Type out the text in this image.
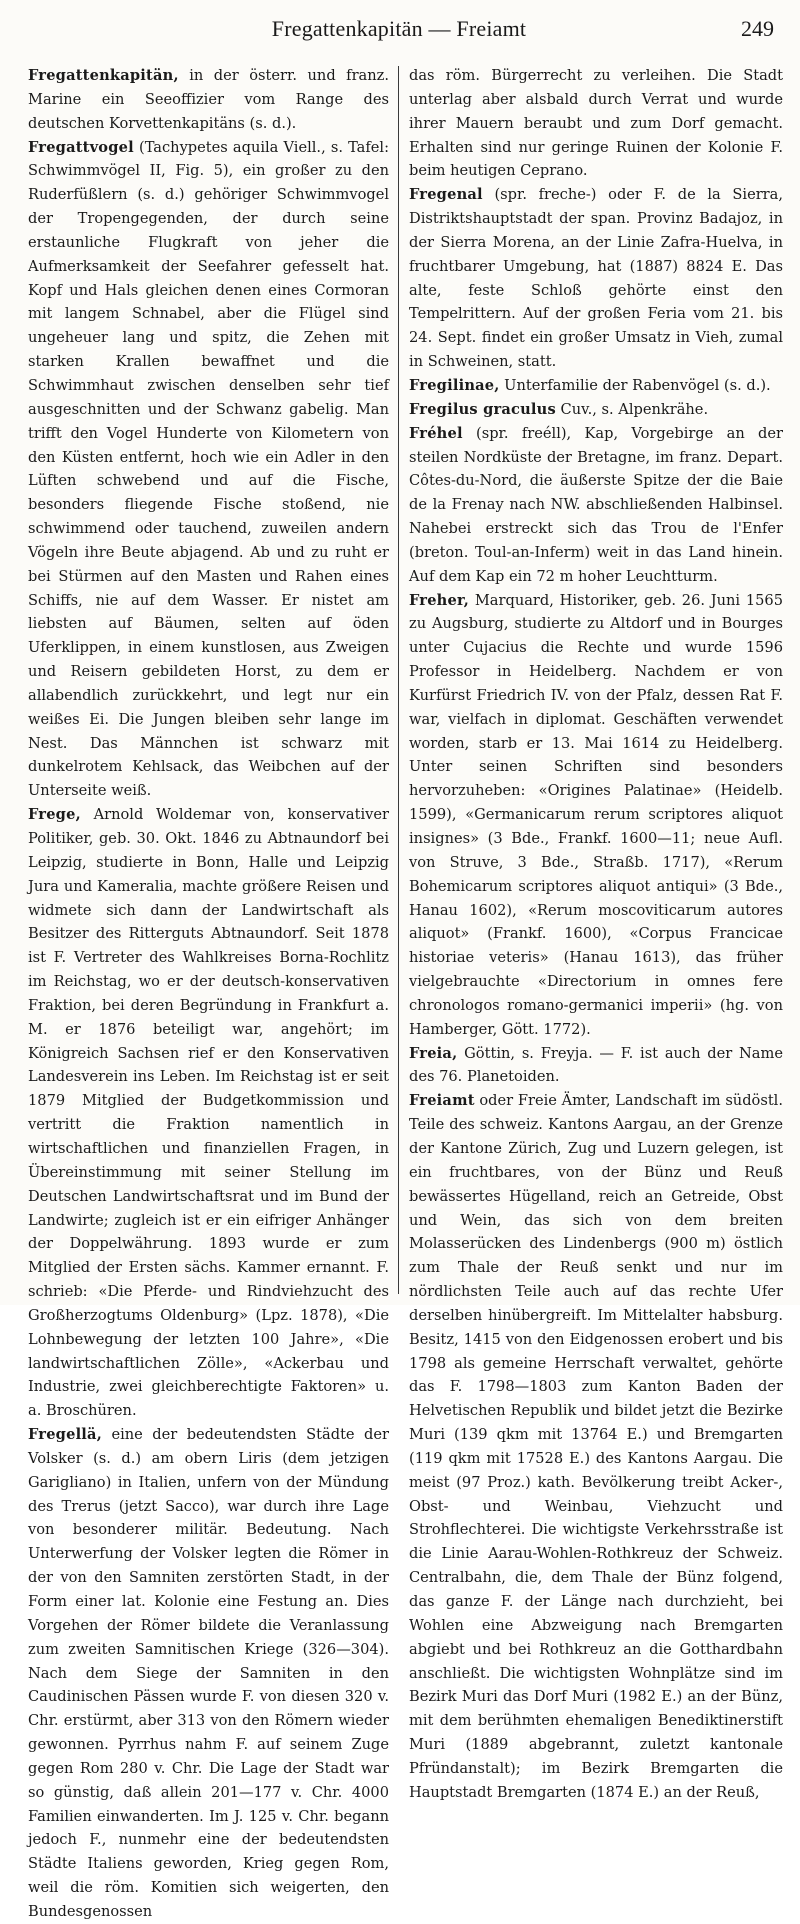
Fregattenkapitän — Freiamt	249

Fregattenkapitän, in der österr. und franz. Marine ein Seeoffizier vom Range des deutschen Korvettenkapitäns (s. d.).

Fregattvogel (Tachypetes aquila Viell., s. Tafel: Schwimmvögel II, Fig. 5), ein großer zu den Ruderfüßlern (s. d.) gehöriger Schwimmvogel der Tropengegenden, der durch seine erstaunliche Flugkraft von jeher die Aufmerksamkeit der Seefahrer gefesselt hat. Kopf und Hals gleichen denen eines Cormoran mit langem Schnabel, aber die Flügel sind ungeheuer lang und spitz, die Zehen mit starken Krallen bewaffnet und die Schwimmhaut zwischen denselben sehr tief ausgeschnitten und der Schwanz gabelig. Man trifft den Vogel Hunderte von Kilometern von den Küsten entfernt, hoch wie ein Adler in den Lüften schwebend und auf die Fische, besonders fliegende Fische stoßend, nie schwimmend oder tauchend, zuweilen andern Vögeln ihre Beute abjagend. Ab und zu ruht er bei Stürmen auf den Masten und Rahen eines Schiffs, nie auf dem Wasser. Er nistet am liebsten auf Bäumen, selten auf öden Uferklippen, in einem kunstlosen, aus Zweigen und Reisern gebildeten Horst, zu dem er allabendlich zurückkehrt, und legt nur ein weißes Ei. Die Jungen bleiben sehr lange im Nest. Das Männchen ist schwarz mit dunkelrotem Kehlsack, das Weibchen auf der Unterseite weiß.

Frege, Arnold Woldemar von, konservativer Politiker, geb. 30. Okt. 1846 zu Abtnaundorf bei Leipzig, studierte in Bonn, Halle und Leipzig Jura und Kameralia, machte größere Reisen und widmete sich dann der Landwirtschaft als Besitzer des Ritterguts Abtnaundorf. Seit 1878 ist F. Vertreter des Wahlkreises Borna-Rochlitz im Reichstag, wo er der deutsch-konservativen Fraktion, bei deren Begründung in Frankfurt a. M. er 1876 beteiligt war, angehört; im Königreich Sachsen rief er den Konservativen Landesverein ins Leben. Im Reichstag ist er seit 1879 Mitglied der Budgetkommission und vertritt die Fraktion namentlich in wirtschaftlichen und finanziellen Fragen, in Übereinstimmung mit seiner Stellung im Deutschen Landwirtschaftsrat und im Bund der Landwirte; zugleich ist er ein eifriger Anhänger der Doppelwährung. 1893 wurde er zum Mitglied der Ersten sächs. Kammer ernannt. F. schrieb: «Die Pferde- und Rindviehzucht des Großherzogtums Oldenburg» (Lpz. 1878), «Die Lohnbewegung der letzten 100 Jahre», «Die landwirtschaftlichen Zölle», «Ackerbau und Industrie, zwei gleichberechtigte Faktoren» u. a. Broschüren.

Fregellä, eine der bedeutendsten Städte der Volsker (s. d.) am obern Liris (dem jetzigen Garigliano) in Italien, unfern von der Mündung des Trerus (jetzt Sacco), war durch ihre Lage von besonderer militär. Bedeutung. Nach Unterwerfung der Volsker legten die Römer in der von den Samniten zerstörten Stadt, in der Form einer lat. Kolonie eine Festung an. Dies Vorgehen der Römer bildete die Veranlassung zum zweiten Samnitischen Kriege (326—304). Nach dem Siege der Samniten in den Caudinischen Pässen wurde F. von diesen 320 v. Chr. erstürmt, aber 313 von den Römern wieder gewonnen. Pyrrhus nahm F. auf seinem Zuge gegen Rom 280 v. Chr. Die Lage der Stadt war so günstig, daß allein 201—177 v. Chr. 4000 Familien einwanderten. Im J. 125 v. Chr. begann jedoch F., nunmehr eine der bedeutendsten Städte Italiens geworden, Krieg gegen Rom, weil die röm. Komitien sich weigerten, den Bundesgenossen

das röm. Bürgerrecht zu verleihen. Die Stadt unterlag aber alsbald durch Verrat und wurde ihrer Mauern beraubt und zum Dorf gemacht. Erhalten sind nur geringe Ruinen der Kolonie F. beim heutigen Ceprano.

Fregenal (spr. freche-) oder F. de la Sierra, Distriktshauptstadt der span. Provinz Badajoz, in der Sierra Morena, an der Linie Zafra-Huelva, in fruchtbarer Umgebung, hat (1887) 8824 E. Das alte, feste Schloß gehörte einst den Tempelrittern. Auf der großen Feria vom 21. bis 24. Sept. findet ein großer Umsatz in Vieh, zumal in Schweinen, statt.

Fregilinae, Unterfamilie der Rabenvögel (s. d.).

Fregilus graculus Cuv., s. Alpenkrähe.

Fréhel (spr. freéll), Kap, Vorgebirge an der steilen Nordküste der Bretagne, im franz. Depart. Côtes-du-Nord, die äußerste Spitze der die Baie de la Frenay nach NW. abschließenden Halbinsel. Nahebei erstreckt sich das Trou de l'Enfer (breton. Toul-an-Inferm) weit in das Land hinein. Auf dem Kap ein 72 m hoher Leuchtturm.

Freher, Marquard, Historiker, geb. 26. Juni 1565 zu Augsburg, studierte zu Altdorf und in Bourges unter Cujacius die Rechte und wurde 1596 Professor in Heidelberg. Nachdem er von Kurfürst Friedrich IV. von der Pfalz, dessen Rat F. war, vielfach in diplomat. Geschäften verwendet worden, starb er 13. Mai 1614 zu Heidelberg. Unter seinen Schriften sind besonders hervorzuheben: «Origines Palatinae» (Heidelb. 1599), «Germanicarum rerum scriptores aliquot insignes» (3 Bde., Frankf. 1600—11; neue Aufl. von Struve, 3 Bde., Straßb. 1717), «Rerum Bohemicarum scriptores aliquot antiqui» (3 Bde., Hanau 1602), «Rerum moscoviticarum autores aliquot» (Frankf. 1600), «Corpus Francicae historiae veteris» (Hanau 1613), das früher vielgebrauchte «Directorium in omnes fere chronologos romano-germanici imperii» (hg. von Hamberger, Gött. 1772).

Freia, Göttin, s. Freyja. — F. ist auch der Name des 76. Planetoiden.

Freiamt oder Freie Ämter, Landschaft im südöstl. Teile des schweiz. Kantons Aargau, an der Grenze der Kantone Zürich, Zug und Luzern gelegen, ist ein fruchtbares, von der Bünz und Reuß bewässertes Hügelland, reich an Getreide, Obst und Wein, das sich von dem breiten Molasserücken des Lindenbergs (900 m) östlich zum Thale der Reuß senkt und nur im nördlichsten Teile auch auf das rechte Ufer derselben hinübergreift. Im Mittelalter habsburg. Besitz, 1415 von den Eidgenossen erobert und bis 1798 als gemeine Herrschaft verwaltet, gehörte das F. 1798—1803 zum Kanton Baden der Helvetischen Republik und bildet jetzt die Bezirke Muri (139 qkm mit 13764 E.) und Bremgarten (119 qkm mit 17528 E.) des Kantons Aargau. Die meist (97 Proz.) kath. Bevölkerung treibt Acker-, Obst- und Weinbau, Viehzucht und Strohflechterei. Die wichtigste Verkehrsstraße ist die Linie Aarau-Wohlen-Rothkreuz der Schweiz. Centralbahn, die, dem Thale der Bünz folgend, das ganze F. der Länge nach durchzieht, bei Wohlen eine Abzweigung nach Bremgarten abgiebt und bei Rothkreuz an die Gotthardbahn anschließt. Die wichtigsten Wohnplätze sind im Bezirk Muri das Dorf Muri (1982 E.) an der Bünz, mit dem berühmten ehemaligen Benediktinerstift Muri (1889 abgebrannt, zuletzt kantonale Pfründanstalt); im Bezirk Bremgarten die Hauptstadt Bremgarten (1874 E.) an der Reuß,
